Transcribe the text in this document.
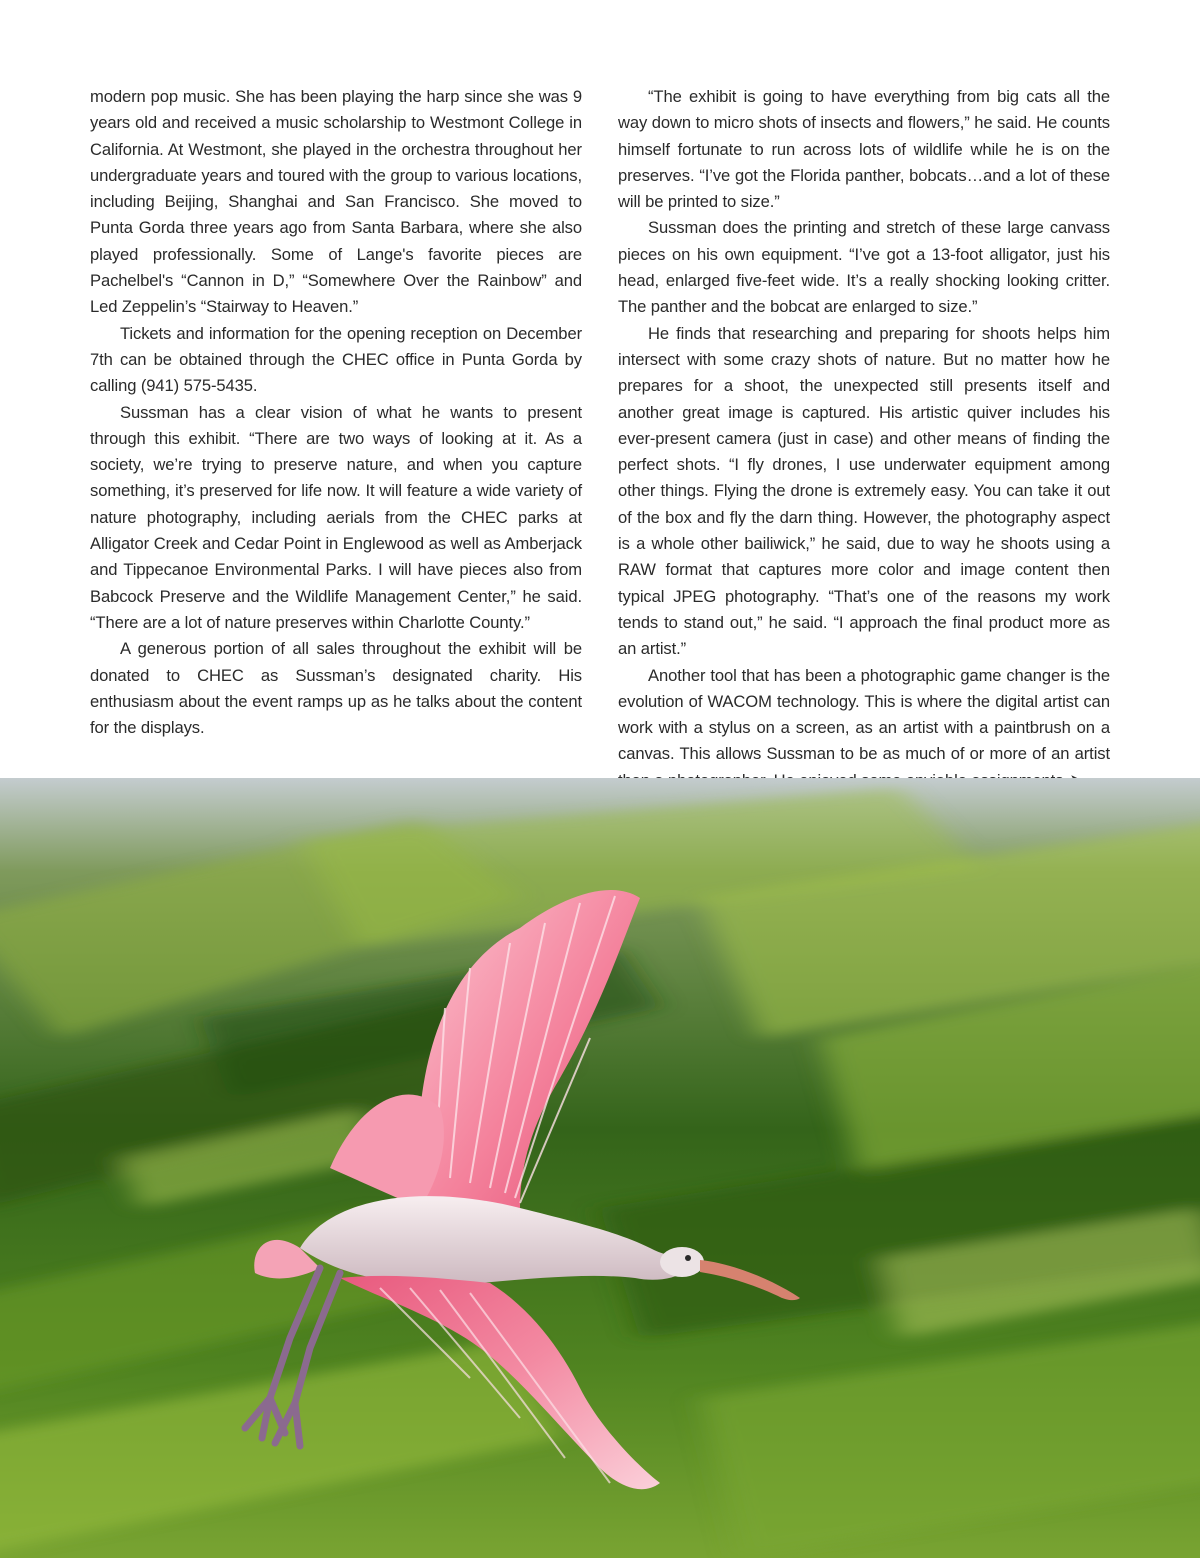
modern pop music. She has been playing the harp since she was 9 years old and received a music scholarship to Westmont College in California. At Westmont, she played in the orchestra throughout her undergraduate years and toured with the group to various locations, including Beijing, Shanghai and San Francisco. She moved to Punta Gorda three years ago from Santa Barbara, where she also played professionally. Some of Lange's favorite pieces are Pachelbel's “Cannon in D,” “Somewhere Over the Rainbow” and Led Zeppelin’s “Stairway to Heaven.”

Tickets and information for the opening reception on December 7th can be obtained through the CHEC office in Punta Gorda by calling (941) 575-5435.

Sussman has a clear vision of what he wants to present through this exhibit. “There are two ways of looking at it. As a society, we’re trying to preserve nature, and when you capture something, it’s preserved for life now. It will feature a wide variety of nature photography, including aerials from the CHEC parks at Alligator Creek and Cedar Point in Englewood as well as Amberjack and Tippecanoe Environmental Parks. I will have pieces also from Babcock Preserve and the Wildlife Management Center,” he said. “There are a lot of nature preserves within Charlotte County.”

A generous portion of all sales throughout the exhibit will be donated to CHEC as Sussman’s designated charity. His enthusiasm about the event ramps up as he talks about the content for the displays.

“The exhibit is going to have everything from big cats all the way down to micro shots of insects and flowers,” he said. He counts himself fortunate to run across lots of wildlife while he is on the preserves. “I’ve got the Florida panther, bobcats…and a lot of these will be printed to size.”

Sussman does the printing and stretch of these large canvass pieces on his own equipment. “I’ve got a 13-foot alligator, just his head, enlarged five-feet wide. It’s a really shocking looking critter. The panther and the bobcat are enlarged to size.”

He finds that researching and preparing for shoots helps him intersect with some crazy shots of nature. But no matter how he prepares for a shoot, the unexpected still presents itself and another great image is captured. His artistic quiver includes his ever-present camera (just in case) and other means of finding the perfect shots. “I fly drones, I use underwater equipment among other things. Flying the drone is extremely easy. You can take it out of the box and fly the darn thing. However, the photography aspect is a whole other bailiwick,” he said, due to way he shoots using a RAW format that captures more color and image content then typical JPEG photography. “That’s one of the reasons my work tends to stand out,” he said. “I approach the final product more as an artist.”

Another tool that has been a photographic game changer is the evolution of WACOM technology. This is where the digital artist can work with a stylus on a screen, as an artist with a paintbrush on a canvas. This allows Sussman to be as much of or more of an artist
